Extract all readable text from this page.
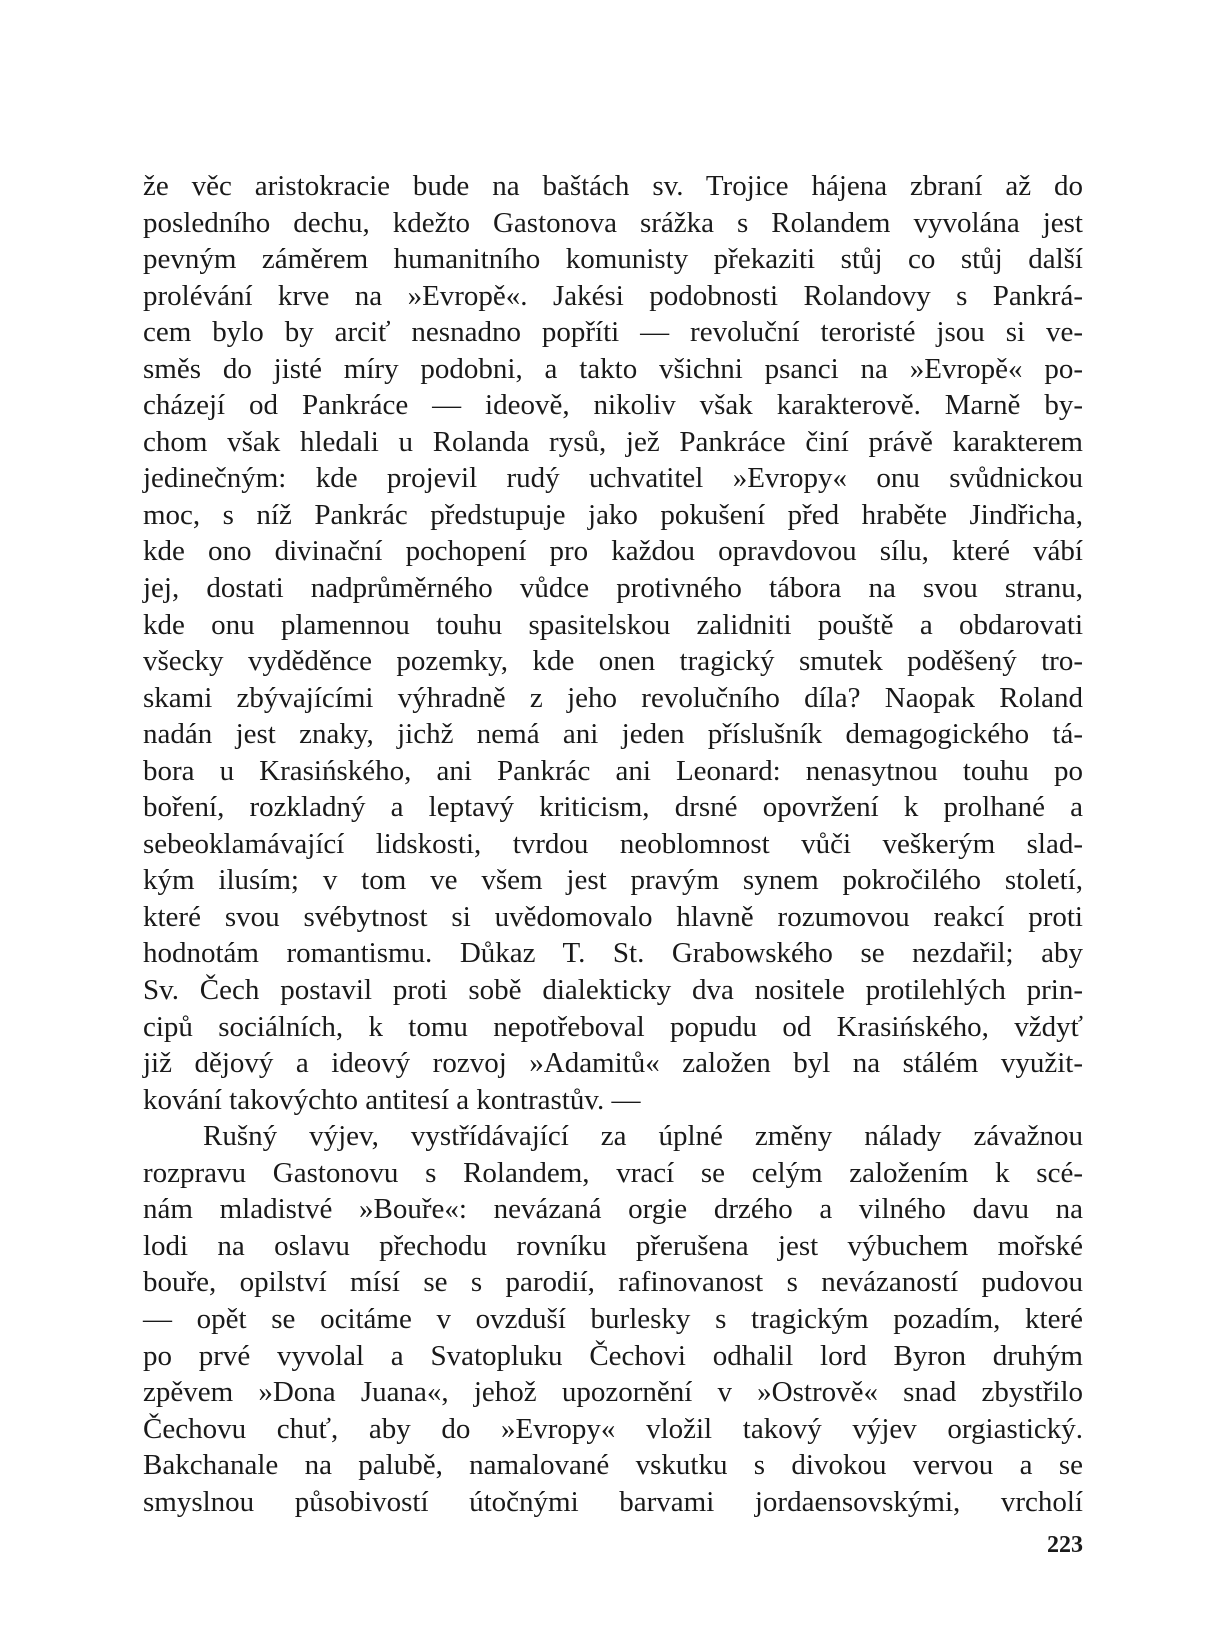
že věc aristokracie bude na baštách sv. Trojice hájena zbraní až do
posledního dechu, kdežto Gastonova srážka s Rolandem vyvolána jest
pevným záměrem humanitního komunisty překaziti stůj co stůj další
prolévání krve na »Evropě«. Jakési podobnosti Rolandovy s Pankrá-
cem bylo by arciť nesnadno popříti — revoluční teroristé jsou si ve-
směs do jisté míry podobni, a takto všichni psanci na »Evropě« po-
cházejí od Pankráce — ideově, nikoliv však karakterově. Marně by-
chom však hledali u Rolanda rysů, jež Pankráce činí právě karakterem
jedinečným: kde projevil rudý uchvatitel »Evropy« onu svůdnickou
moc, s níž Pankrác předstupuje jako pokušení před hraběte Jindřicha,
kde ono divinační pochopení pro každou opravdovou sílu, které vábí
jej, dostati nadprůměrného vůdce protivného tábora na svou stranu,
kde onu plamennou touhu spasitelskou zalidniti pouště a obdarovati
všecky vyděděnce pozemky, kde onen tragický smutek poděšený tro-
skami zbývajícími výhradně z jeho revolučního díla? Naopak Roland
nadán jest znaky, jichž nemá ani jeden příslušník demagogického tá-
bora u Krasińského, ani Pankrác ani Leonard: nenasytnou touhu po
boření, rozkladný a leptavý kriticism, drsné opovržení k prolhané a
sebeoklamávající lidskosti, tvrdou neoblomnost vůči veškerým slad-
kým ilusím; v tom ve všem jest pravým synem pokročilého století,
které svou svébytnost si uvědomovalo hlavně rozumovou reakcí proti
hodnotám romantismu. Důkaz T. St. Grabowského se nezdařil; aby
Sv. Čech postavil proti sobě dialekticky dva nositele protilehlých prin-
cipů sociálních, k tomu nepotřeboval popudu od Krasińského, vždyť
již dějový a ideový rozvoj »Adamitů« založen byl na stálém využit-
kování takovýchto antitesí a kontrastův. —
Rušný výjev, vystřídávající za úplné změny nálady závažnou
rozpravu Gastonovu s Rolandem, vrací se celým založením k scé-
nám mladistvé »Bouře«: nevázaná orgie drzého a vilného davu na
lodi na oslavu přechodu rovníku přerušena jest výbuchem mořské
bouře, opilství mísí se s parodií, rafinovanost s nevázaností pudovou
— opět se ocitáme v ovzduší burlesky s tragickým pozadím, které
po prvé vyvolal a Svatopluku Čechovi odhalil lord Byron druhým
zpěvem »Dona Juana«, jehož upozornění v »Ostrově« snad zbystřilo
Čechovu chuť, aby do »Evropy« vložil takový výjev orgiastický.
Bakchanale na palubě, namalované vskutku s divokou vervou a se
smyslnou působivostí útočnými barvami jordaensovskými, vrcholí
223
